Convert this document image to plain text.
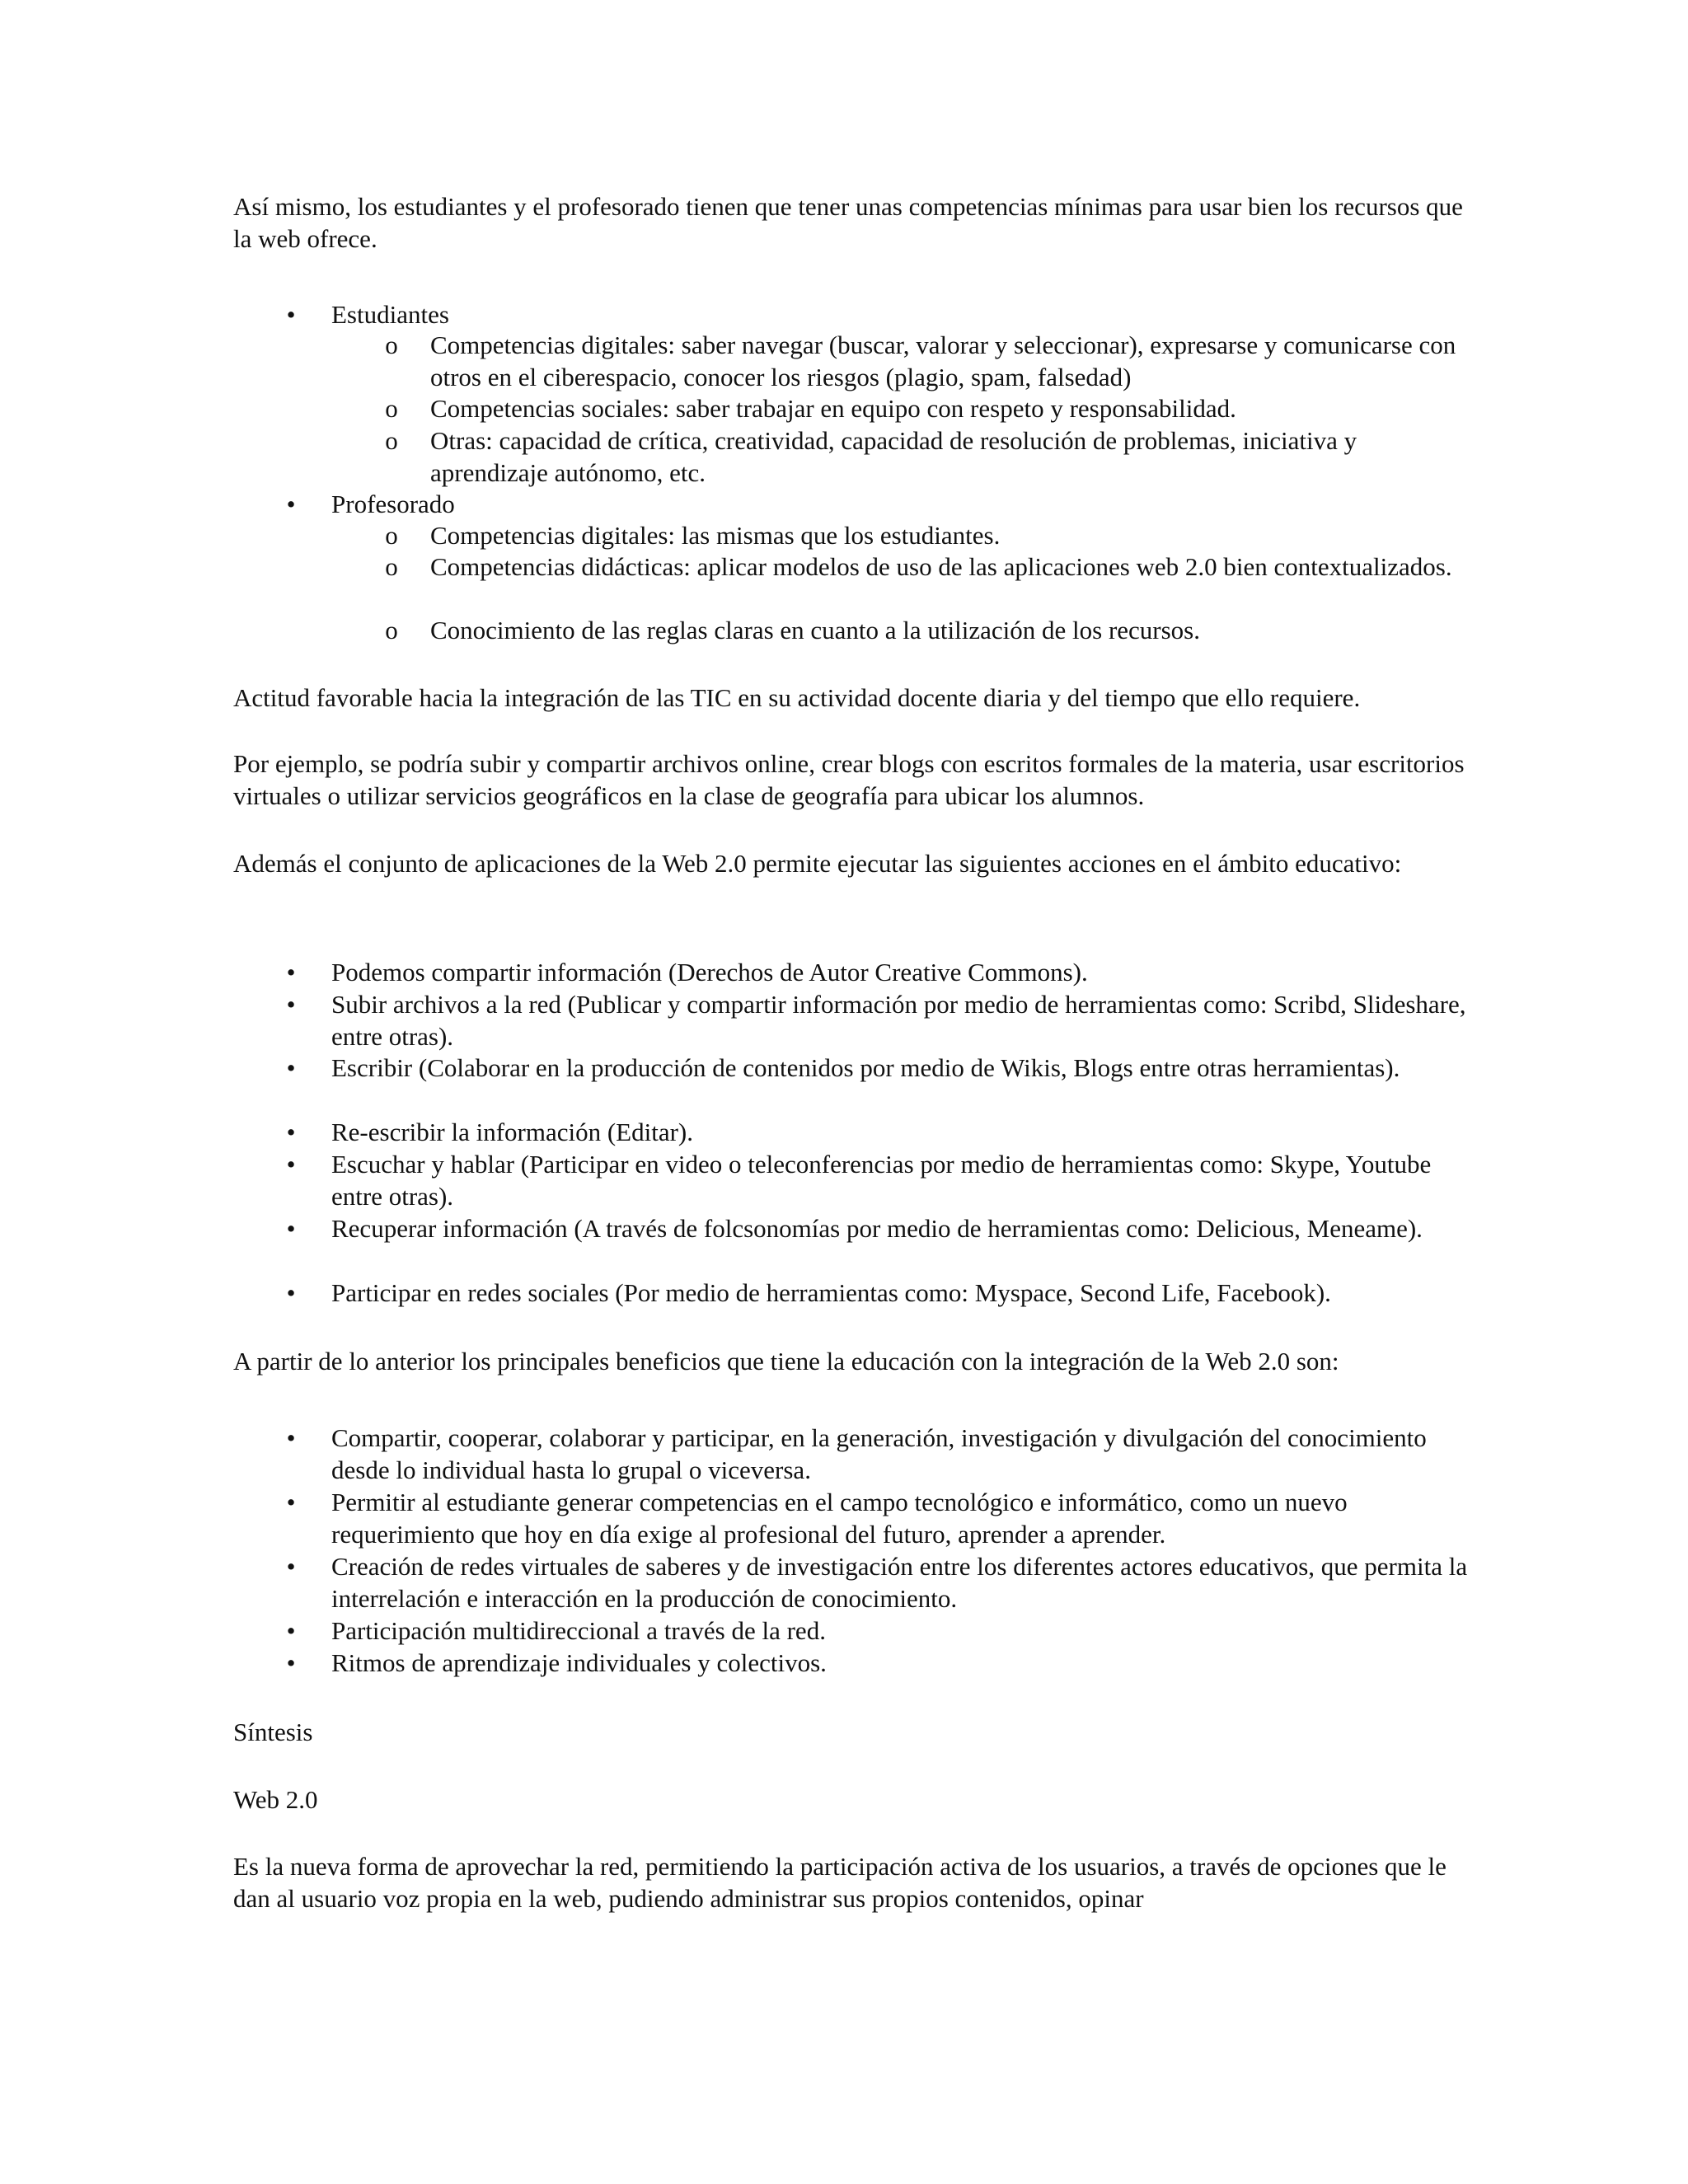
Así mismo, los estudiantes y el profesorado tienen que tener unas competencias mínimas para usar bien los recursos que la web ofrece.

• Estudiantes
o Competencias digitales: saber navegar (buscar, valorar y seleccionar), expresarse y comunicarse con otros en el ciberespacio, conocer los riesgos (plagio, spam, falsedad)
o Competencias sociales: saber trabajar en equipo con respeto y responsabilidad.
o Otras: capacidad de crítica, creatividad, capacidad de resolución de problemas, iniciativa y aprendizaje autónomo, etc.
• Profesorado
o Competencias digitales: las mismas que los estudiantes.
o Competencias didácticas: aplicar modelos de uso de las aplicaciones web 2.0 bien contextualizados.
o Conocimiento de las reglas claras en cuanto a la utilización de los recursos.

Actitud favorable hacia la integración de las TIC en su actividad docente diaria y del tiempo que ello requiere.

Por ejemplo, se podría subir y compartir archivos online, crear blogs con escritos formales de la materia, usar escritorios virtuales o utilizar servicios geográficos en la clase de geografía para ubicar los alumnos.

Además el conjunto de aplicaciones de la Web 2.0 permite ejecutar las siguientes acciones en el ámbito educativo:

• Podemos compartir información (Derechos de Autor Creative Commons).
• Subir archivos a la red (Publicar y compartir información por medio de herramientas como: Scribd, Slideshare, entre otras).
• Escribir (Colaborar en la producción de contenidos por medio de Wikis, Blogs entre otras herramientas).
• Re-escribir la información (Editar).
• Escuchar y hablar (Participar en video o teleconferencias por medio de herramientas como: Skype, Youtube entre otras).
• Recuperar información (A través de folcsonomías por medio de herramientas como: Delicious, Meneame).
• Participar en redes sociales (Por medio de herramientas como: Myspace, Second Life, Facebook).

A partir de lo anterior los principales beneficios que tiene la educación con la integración de la Web 2.0 son:

• Compartir, cooperar, colaborar y participar, en la generación, investigación y divulgación del conocimiento desde lo individual hasta lo grupal o viceversa.
• Permitir al estudiante generar competencias en el campo tecnológico e informático, como un nuevo requerimiento que hoy en día exige al profesional del futuro, aprender a aprender.
• Creación de redes virtuales de saberes y de investigación entre los diferentes actores educativos, que permita la interrelación e interacción en la producción de conocimiento.
• Participación multidireccional a través de la red.
• Ritmos de aprendizaje individuales y colectivos.

Síntesis

Web 2.0

Es la nueva forma de aprovechar la red, permitiendo la participación activa de los usuarios, a través de opciones que le dan al usuario voz propia en la web, pudiendo administrar sus propios contenidos, opinar
